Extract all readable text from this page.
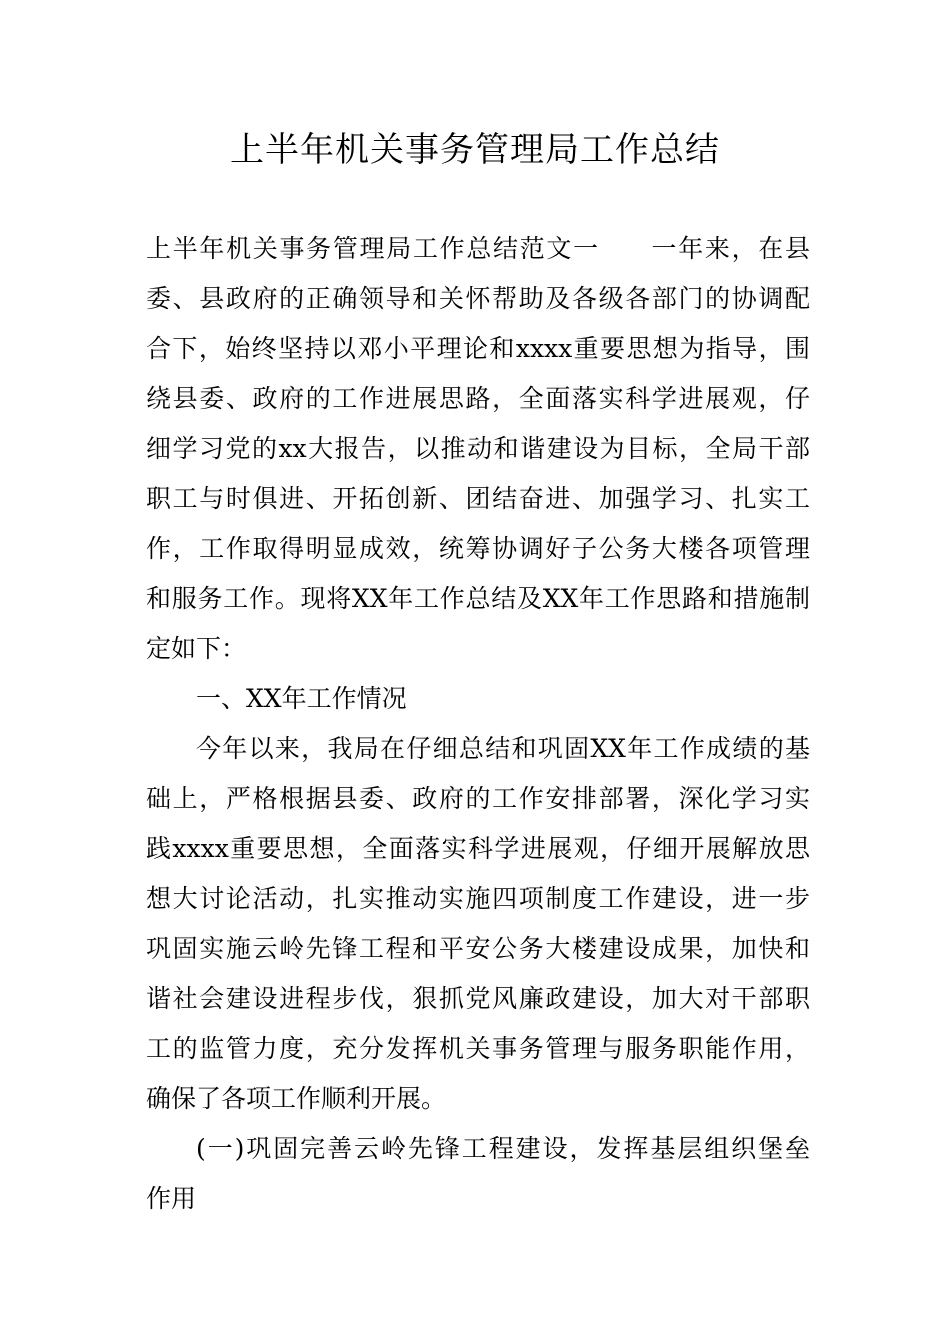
上半年机关事务管理局工作总结
上半年机关事务管理局工作总结范文一 一年来，在县
委、县政府的正确领导和关怀帮助及各级各部门的协调配
合下，始终坚持以邓小平理论和xxxx重要思想为指导，围
绕县委、政府的工作进展思路，全面落实科学进展观，仔
细学习党的xx大报告，以推动和谐建设为目标，全局干部
职工与时俱进、开拓创新、团结奋进、加强学习、扎实工
作，工作取得明显成效，统筹协调好子公务大楼各项管理
和服务工作。现将XX年工作总结及XX年工作思路和措施制
定如下：
一、XX年工作情况
今年以来，我局在仔细总结和巩固XX年工作成绩的基
础上，严格根据县委、政府的工作安排部署，深化学习实
践xxxx重要思想，全面落实科学进展观，仔细开展解放思
想大讨论活动，扎实推动实施四项制度工作建设，进一步
巩固实施云岭先锋工程和平安公务大楼建设成果，加快和
谐社会建设进程步伐，狠抓党风廉政建设，加大对干部职
工的监管力度，充分发挥机关事务管理与服务职能作用，
确保了各项工作顺利开展。
(一)巩固完善云岭先锋工程建设，发挥基层组织堡垒
作用
